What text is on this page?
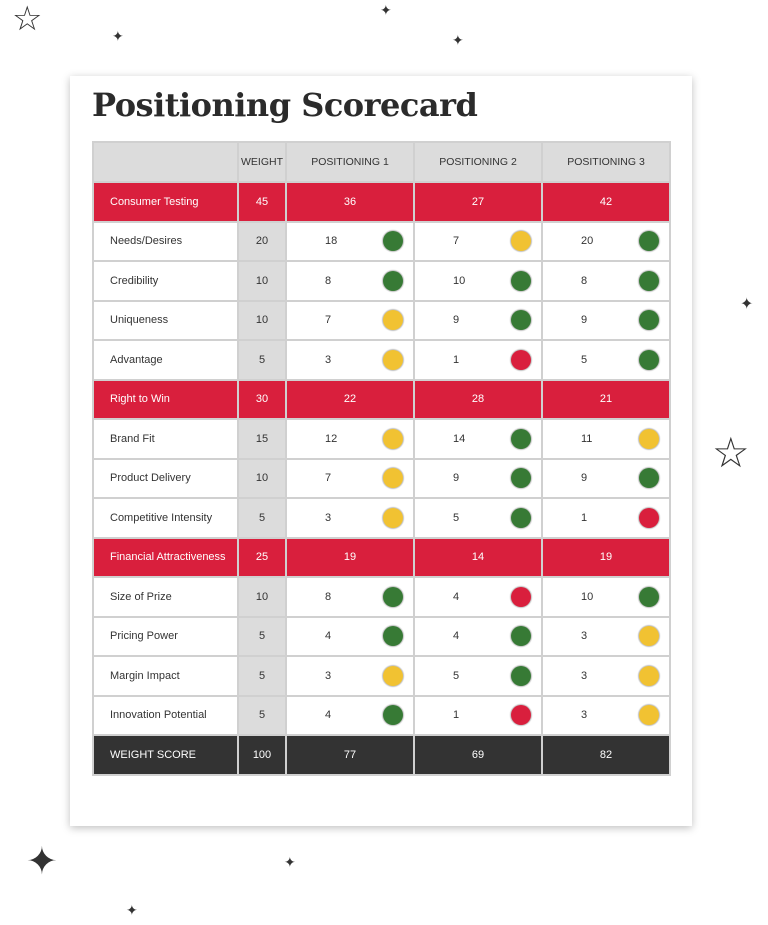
☆	✦
✦
✦
✦
☆
✦	✦
✦
Positioning Scorecard
	WEIGHT	POSITIONING 1	POSITIONING 2	POSITIONING 3
Consumer Testing	45	36	27	42
Needs/Desires	20	18	7	20

Credibility	10	8	10	8

Uniqueness	10	7	9	9

Advantage	5	3	1	5

Right to Win	30	22	28	21
Brand Fit	15	12	14	11

Product Delivery	10	7	9	9

Competitive Intensity	5	3	5	1

Financial Attractiveness	25	19	14	19
Size of Prize	10	8	4	10

Pricing Power	5	4	4	3

Margin Impact	5	3	5	3

Innovation Potential	5	4	1	3

WEIGHT SCORE	100	77	69	82
